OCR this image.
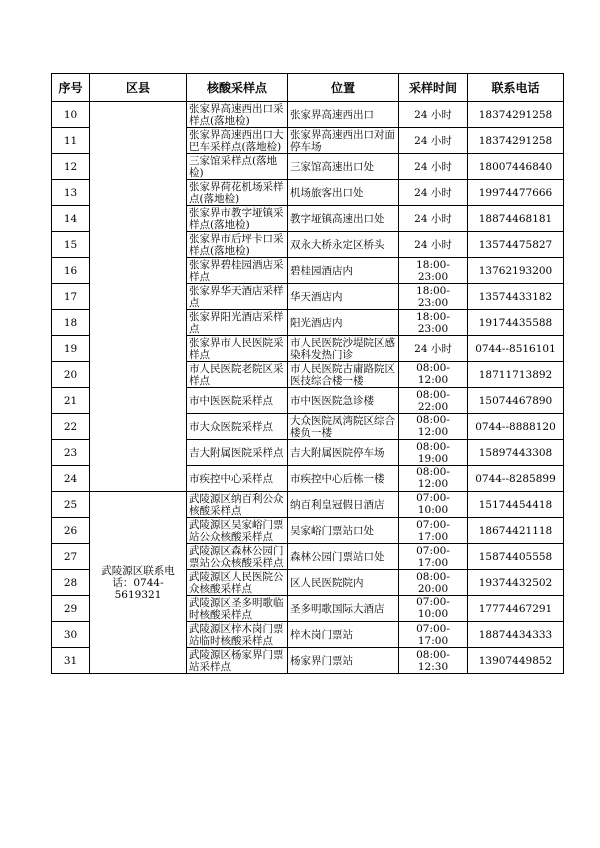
序号	区县	核酸采样点	位置	采样时间	联系电话

10		张家界高速西出口采样点(落地检)	张家界高速西出口	24 小时	18374291258

11		张家界高速西出口大巴车采样点(落地检)	张家界高速西出口对面停车场	24 小时	18374291258

12		三家馆采样点(落地检)	三家馆高速出口处	24 小时	18007446840

13		张家界荷花机场采样点(落地检)	机场旅客出口处	24 小时	19974477666

14		张家界市教字垭镇采样点(落地检)	教字垭镇高速出口处	24 小时	18874468181

15		张家界市后坪卡口采样点(落地检)	双永大桥永定区桥头	24 小时	13574475827

16		张家界碧桂园酒店采样点	碧桂园酒店内	18:00-23:00	13762193200

17		张家界华天酒店采样点	华天酒店内	18:00-23:00	13574433182

18		张家界阳光酒店采样点	阳光酒店内	18:00-23:00	19174435588

19		张家界市人民医院采样点	市人民医院沙堤院区感染科发热门诊	24 小时	0744--8516101

20		市人民医院老院区采样点	市人民医院古庸路院区医技综合楼一楼	08:00-12:00	18711713892

21		市中医医院采样点	市中医医院急诊楼	08:00-22:00	15074467890

22		市大众医院采样点	大众医院凤湾院区综合楼负一楼	08:00-12:00	0744--8888120

23		吉大附属医院采样点	吉大附属医院停车场	08:00-19:00	15897443308

24		市疾控中心采样点	市疾控中心后栋一楼	08:00-12:00	0744--8285899

25	武陵源区联系电话：0744-5619321	武陵源区纳百利公众核酸采样点	纳百利皇冠假日酒店	07:00-10:00	15174454418

26		武陵源区吴家峪门票站公众核酸采样点	吴家峪门票站口处	07:00-17:00	18674421118

27		武陵源区森林公园门票站公众核酸采样点	森林公园门票站口处	07:00-17:00	15874405558

28		武陵源区人民医院公众核酸采样点	区人民医院院内	08:00-20:00	19374432502

29		武陵源区圣多明歌临时核酸采样点	圣多明歌国际大酒店	07:00-10:00	17774467291

30		武陵源区梓木岗门票站临时核酸采样点	梓木岗门票站	07:00-17:00	18874434333

31		武陵源区杨家界门票站采样点	杨家界门票站	08:00-12:30	13907449852
